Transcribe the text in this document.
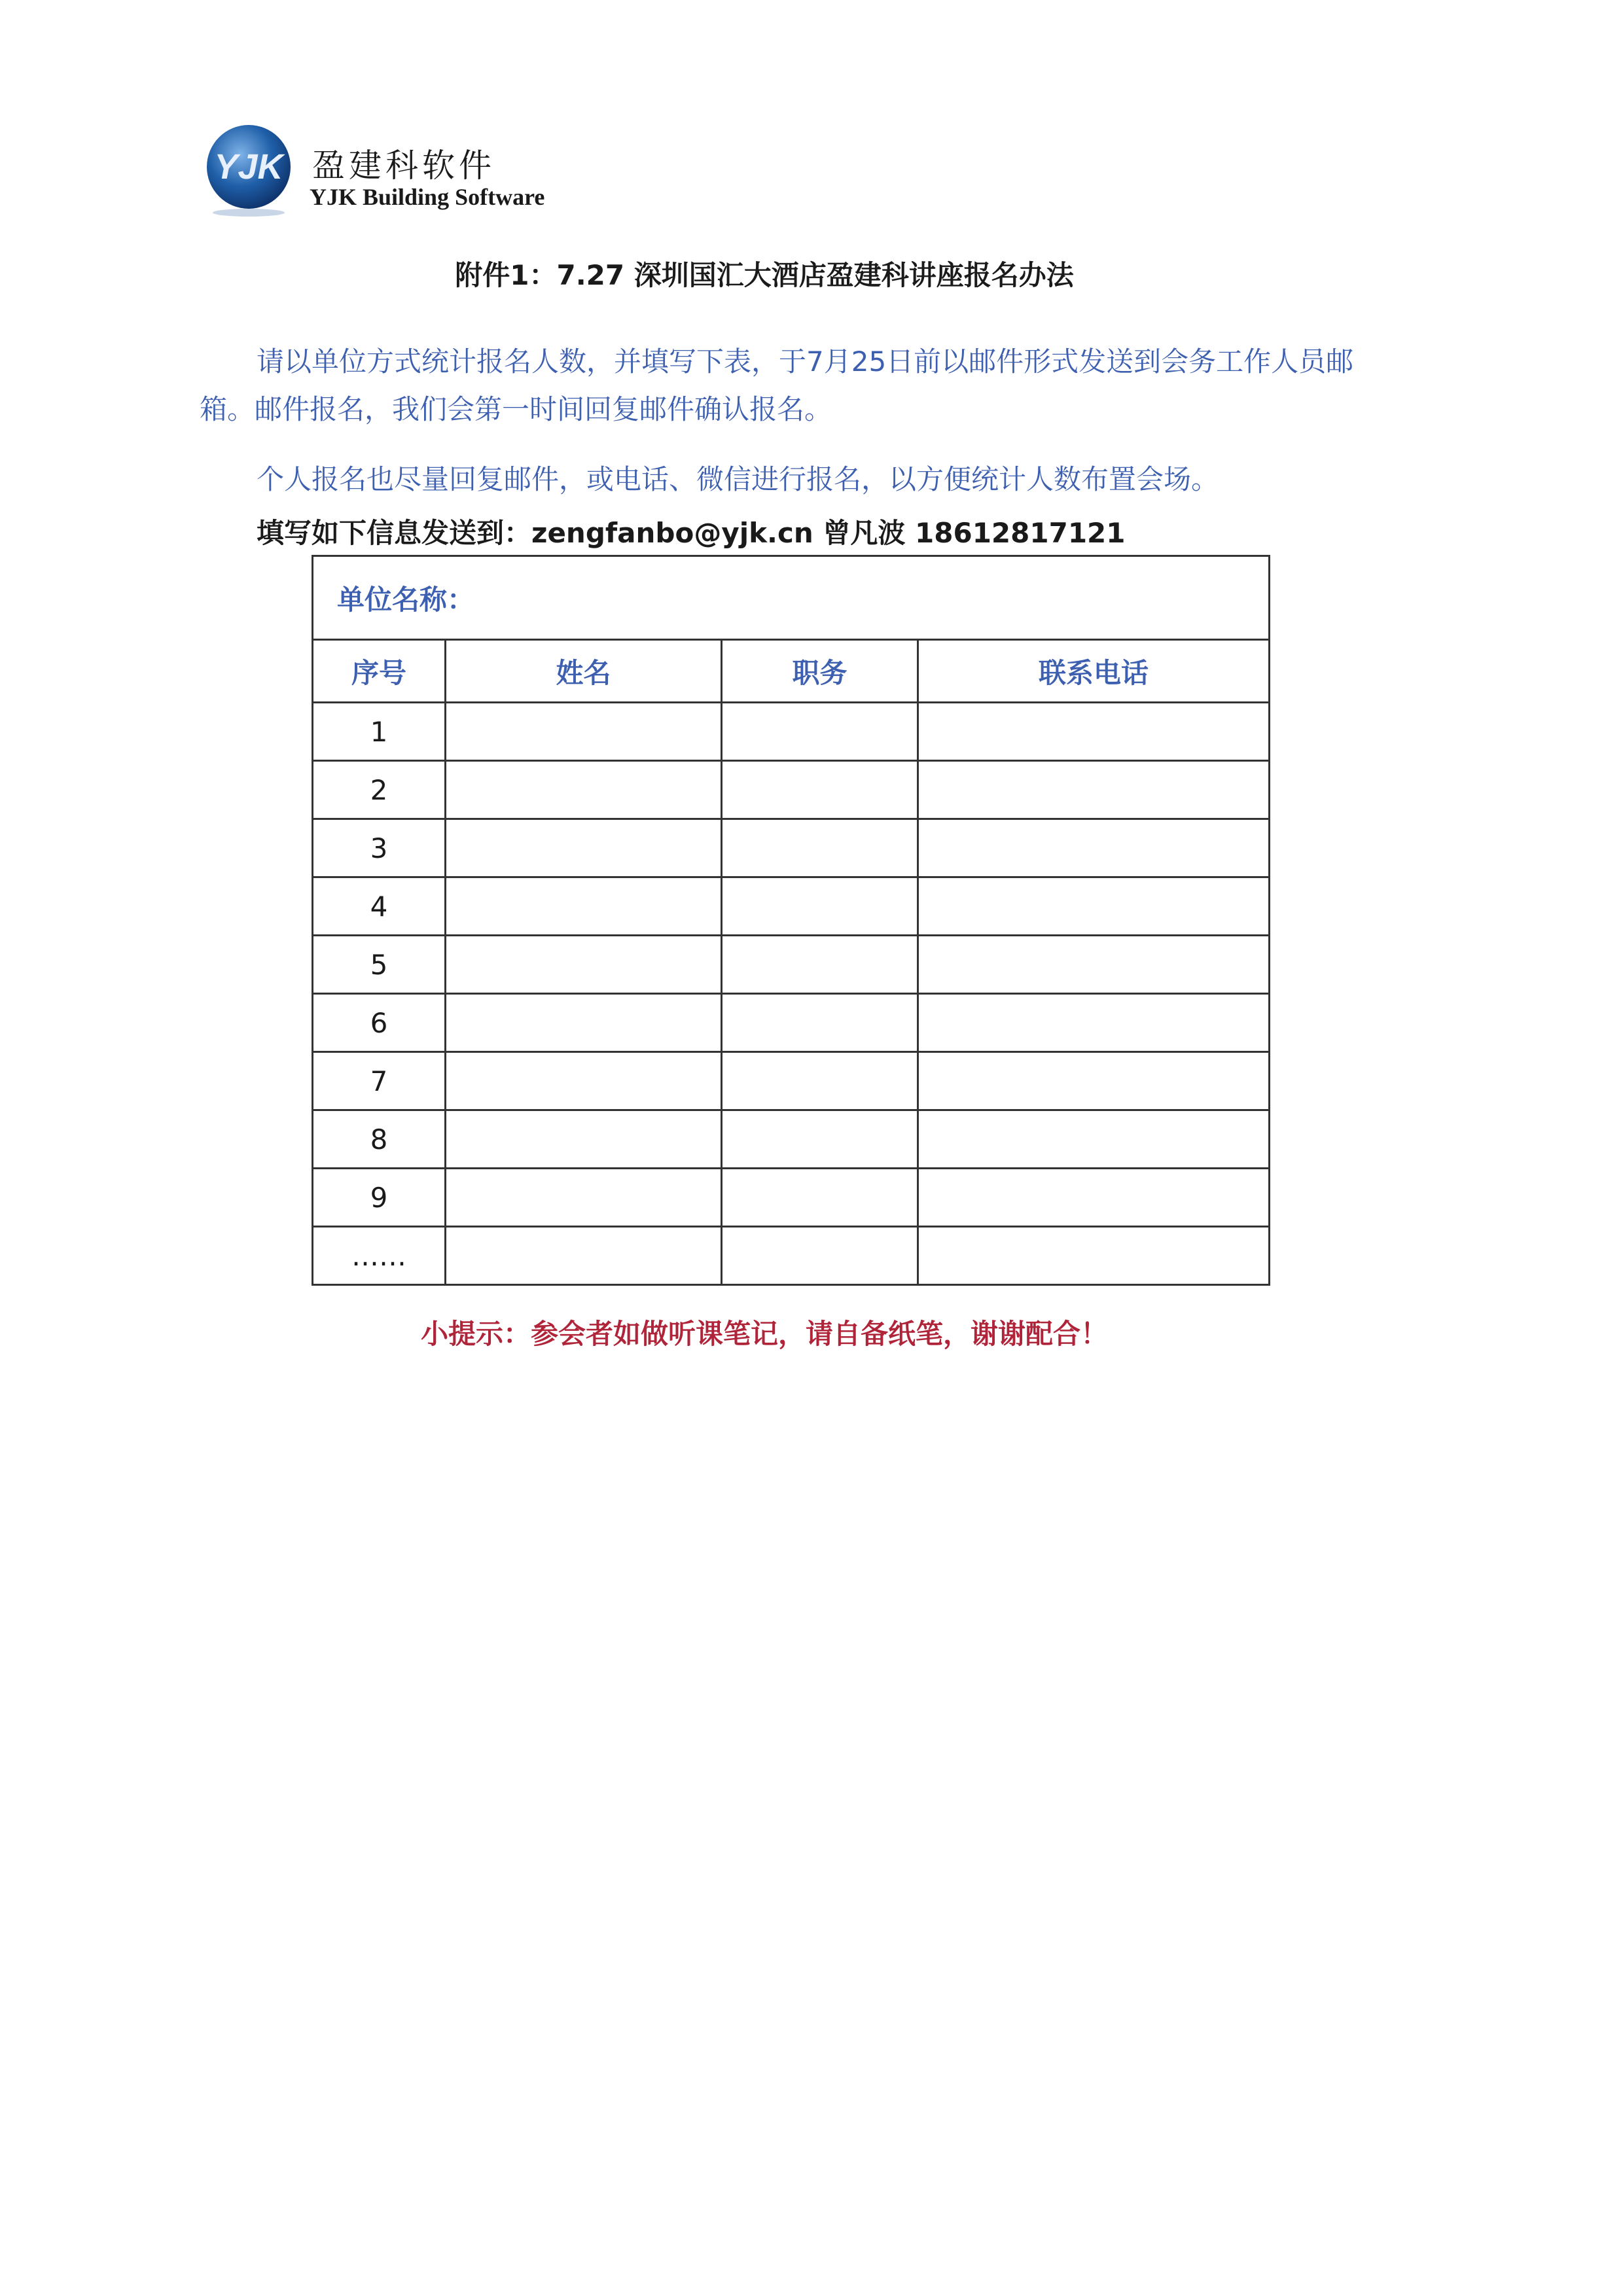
YJK 盈建科软件
YJK Building Software
附件1：7.27 深圳国汇大酒店盈建科讲座报名办法
请以单位方式统计报名人数，并填写下表，于7月25日前以邮件形式发送到会务工作人员邮
箱。邮件报名，我们会第一时间回复邮件确认报名。
个人报名也尽量回复邮件，或电话、微信进行报名，以方便统计人数布置会场。
填写如下信息发送到：zengfanbo@yjk.cn 曾凡波 18612817121
单位名称：			
序号	姓名	职务	联系电话
1			
2			
3			
4			
5			
6			
7			
8			
9			
……			
小提示：参会者如做听课笔记，请自备纸笔，谢谢配合！
